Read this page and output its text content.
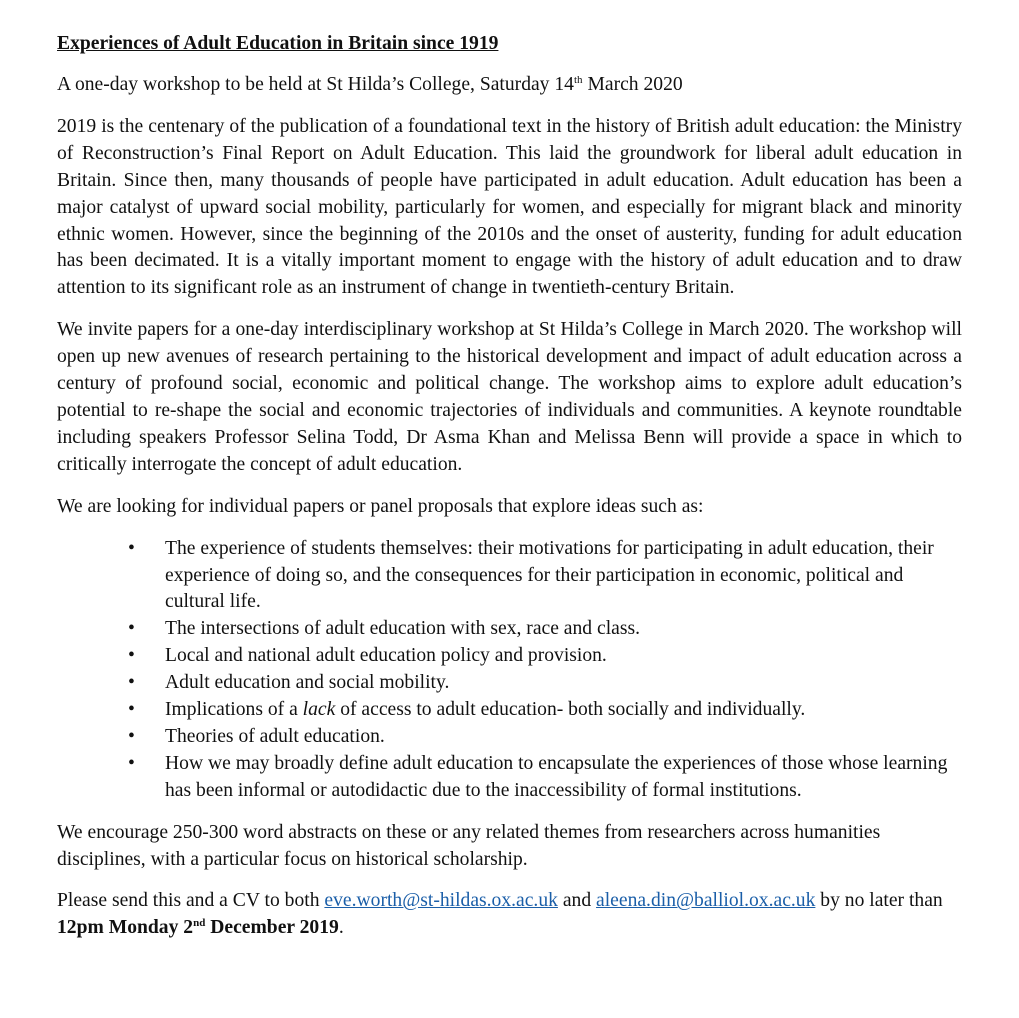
Experiences of Adult Education in Britain since 1919

A one-day workshop to be held at St Hilda’s College, Saturday 14th March 2020

2019 is the centenary of the publication of a foundational text in the history of British adult education: the Ministry of Reconstruction’s Final Report on Adult Education. This laid the groundwork for liberal adult education in Britain. Since then, many thousands of people have participated in adult education. Adult education has been a major catalyst of upward social mobility, particularly for women, and especially for migrant black and minority ethnic women. However, since the beginning of the 2010s and the onset of austerity, funding for adult education has been decimated. It is a vitally important moment to engage with the history of adult education and to draw attention to its significant role as an instrument of change in twentieth-century Britain.

We invite papers for a one-day interdisciplinary workshop at St Hilda’s College in March 2020. The workshop will open up new avenues of research pertaining to the historical development and impact of adult education across a century of profound social, economic and political change. The workshop aims to explore adult education’s potential to re-shape the social and economic trajectories of individuals and communities. A keynote roundtable including speakers Professor Selina Todd, Dr Asma Khan and Melissa Benn will provide a space in which to critically interrogate the concept of adult education.

We are looking for individual papers or panel proposals that explore ideas such as:

• The experience of students themselves: their motivations for participating in adult education, their experience of doing so, and the consequences for their participation in economic, political and cultural life.
• The intersections of adult education with sex, race and class.
• Local and national adult education policy and provision.
• Adult education and social mobility.
• Implications of a lack of access to adult education- both socially and individually.
• Theories of adult education.
• How we may broadly define adult education to encapsulate the experiences of those whose learning has been informal or autodidactic due to the inaccessibility of formal institutions.

We encourage 250-300 word abstracts on these or any related themes from researchers across humanities disciplines, with a particular focus on historical scholarship.

Please send this and a CV to both eve.worth@st-hildas.ox.ac.uk and aleena.din@balliol.ox.ac.uk by no later than 12pm Monday 2nd December 2019.
